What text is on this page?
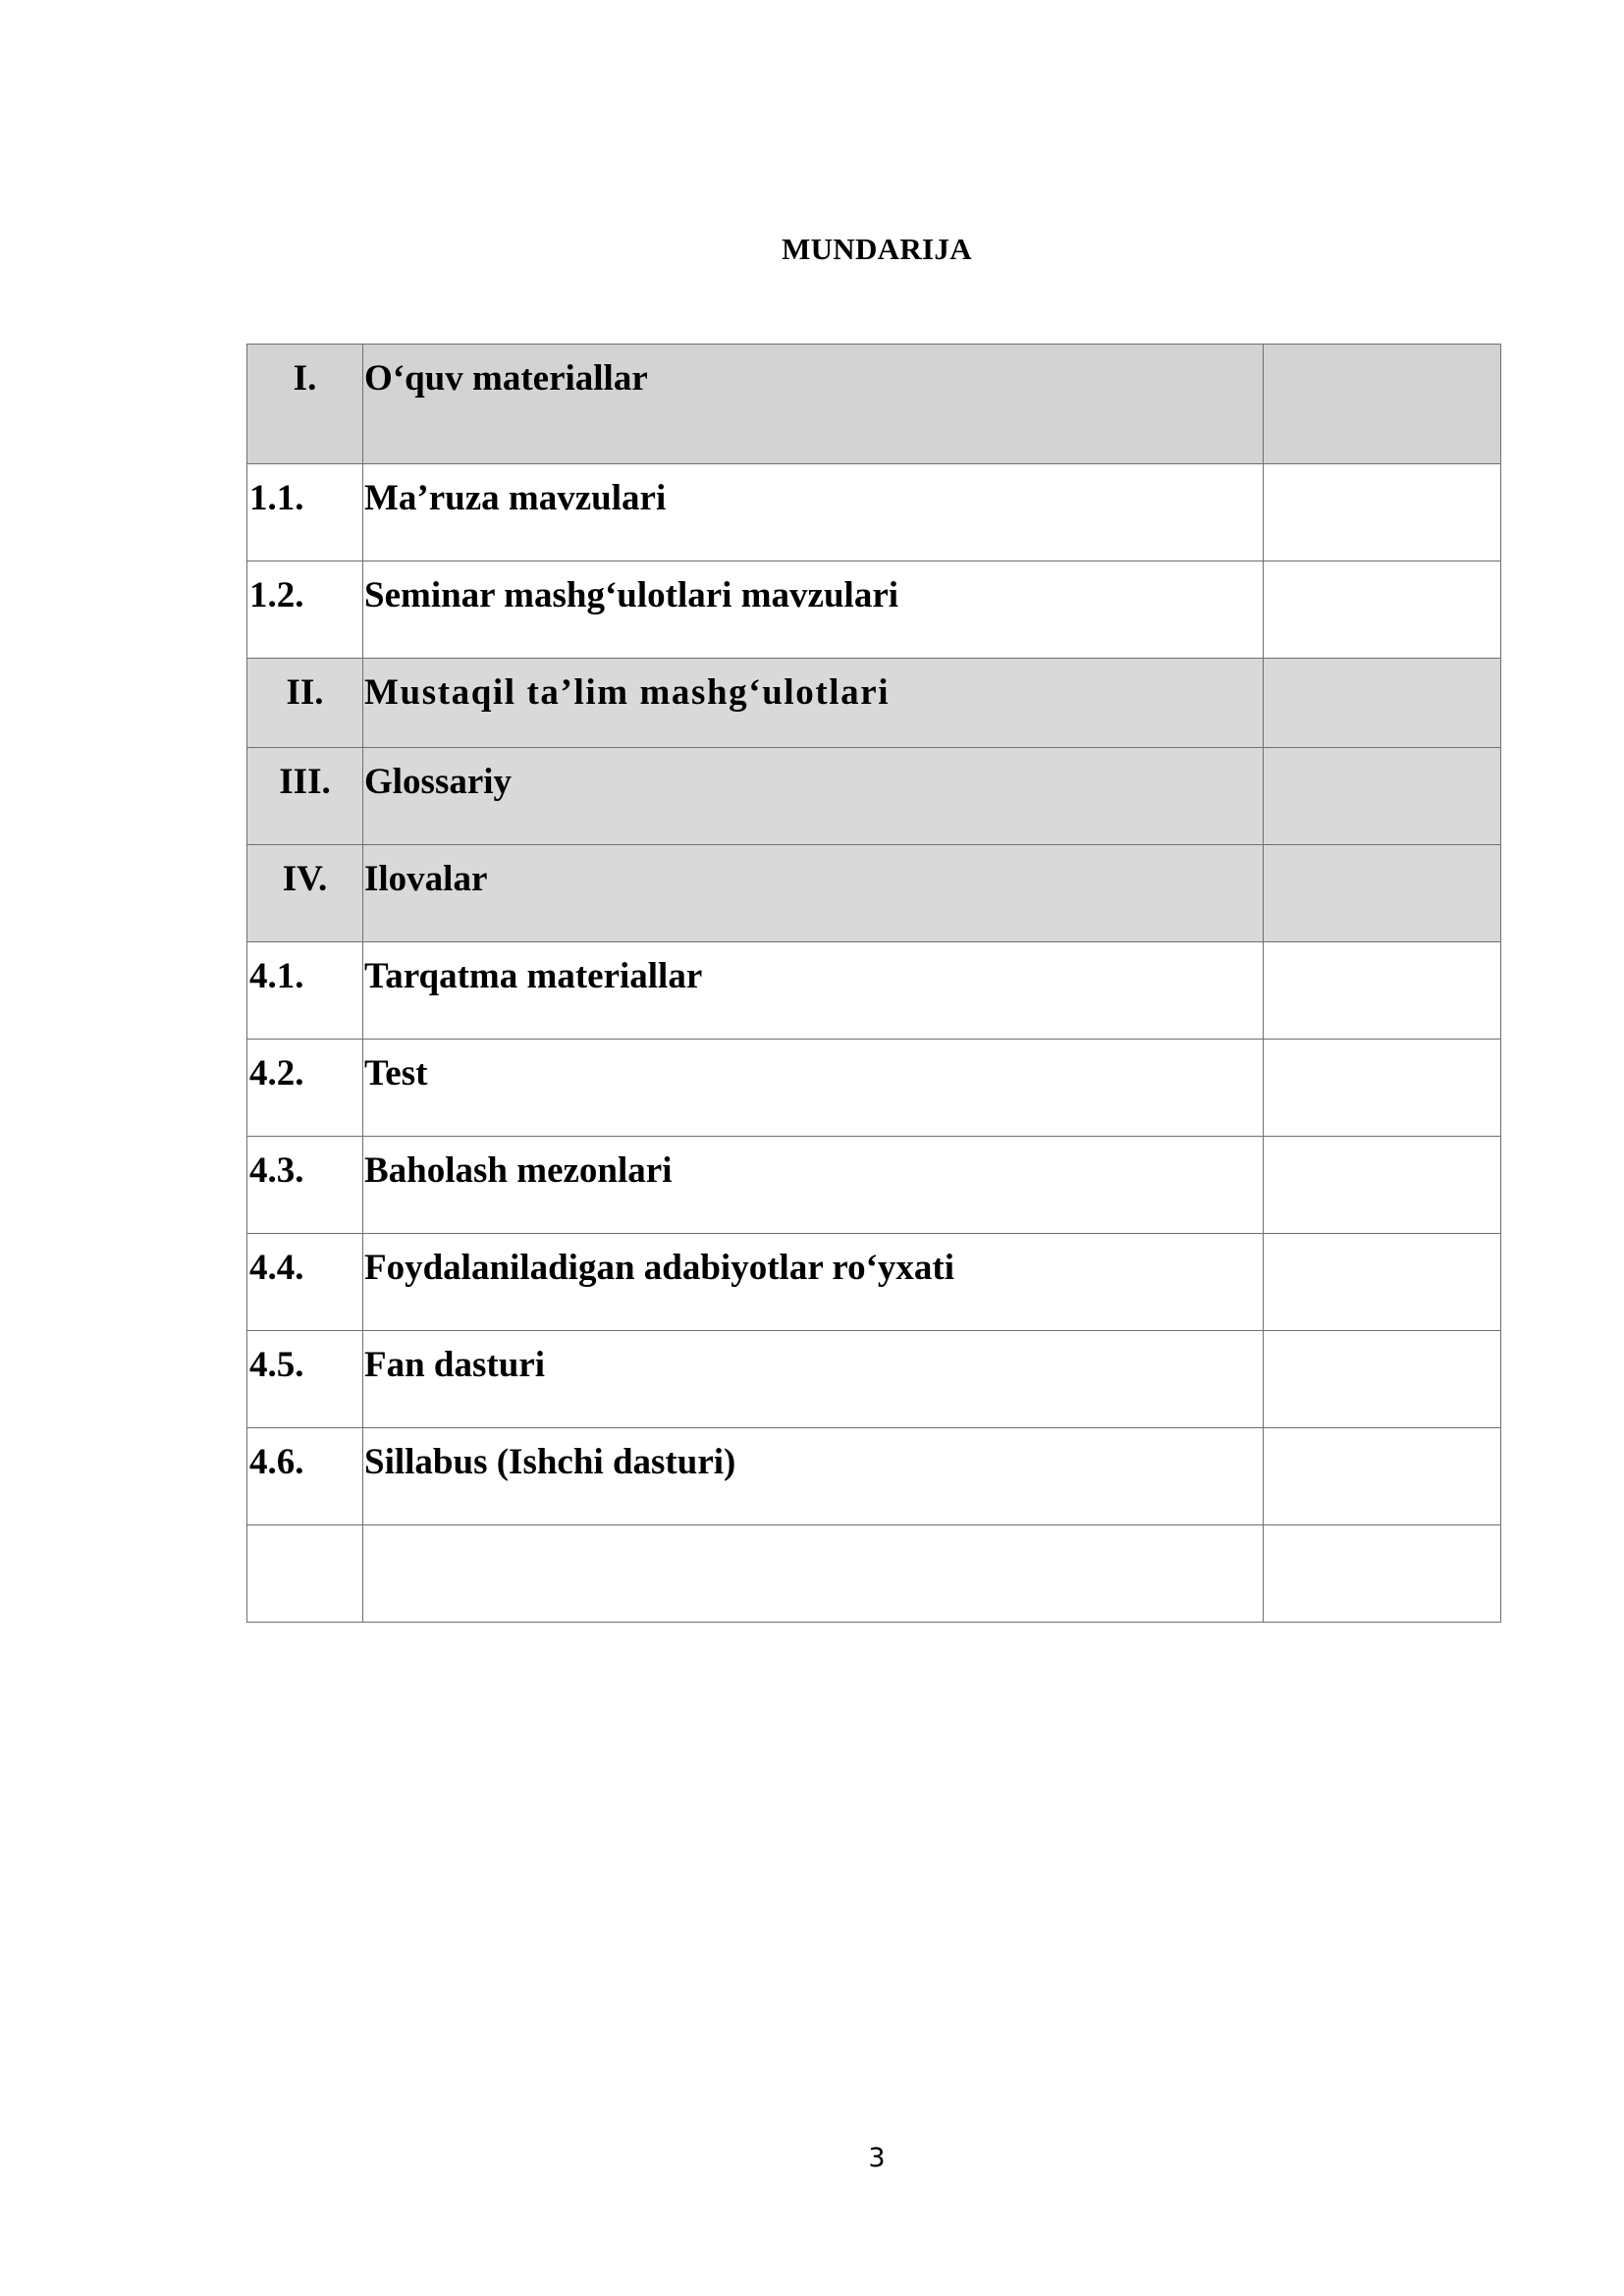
MUNDARIJA
I.	O‘quv materiallar	
1.1.	Ma’ruza mavzulari	
1.2.	Seminar mashg‘ulotlari mavzulari	
II.	Mustaqil ta’lim mashg‘ulotlari	
III.	Glossariy	
IV.	Ilovalar	
4.1.	Tarqatma materiallar	
4.2.	Test	
4.3.	Baholash mezonlari	
4.4.	Foydalaniladigan adabiyotlar ro‘yxati	
4.5.	Fan dasturi	
4.6.	Sillabus (Ishchi dasturi)	

3
